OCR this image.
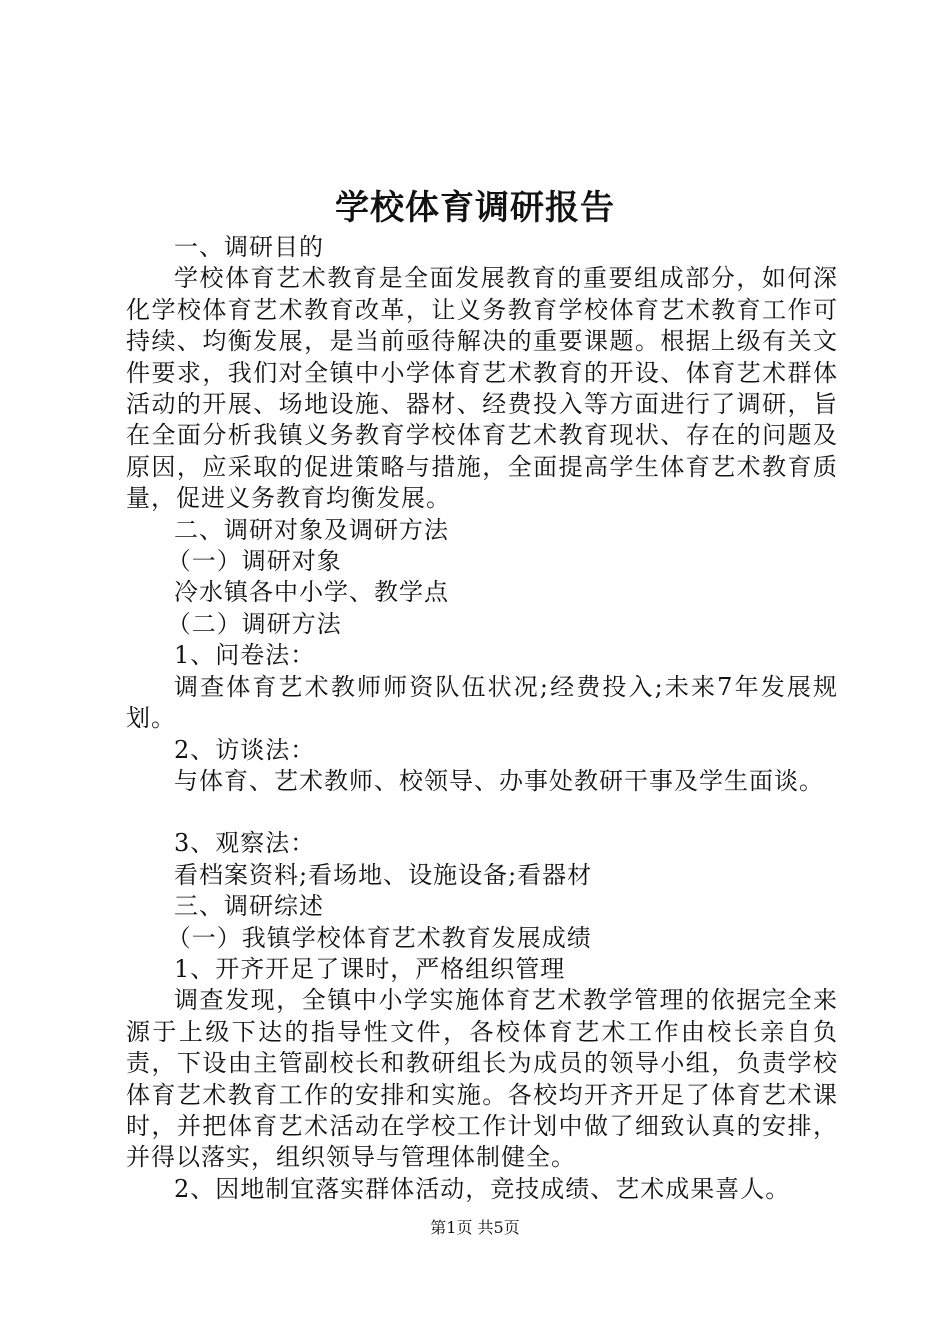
学校体育调研报告

一、调研目的

学校体育艺术教育是全面发展教育的重要组成部分，如何深化学校体育艺术教育改革，让义务教育学校体育艺术教育工作可持续、均衡发展，是当前亟待解决的重要课题。根据上级有关文件要求，我们对全镇中小学体育艺术教育的开设、体育艺术群体活动的开展、场地设施、器材、经费投入等方面进行了调研，旨在全面分析我镇义务教育学校体育艺术教育现状、存在的问题及原因，应采取的促进策略与措施，全面提高学生体育艺术教育质量，促进义务教育均衡发展。

二、调研对象及调研方法

（一）调研对象

冷水镇各中小学、教学点

（二）调研方法

1、问卷法：

调查体育艺术教师师资队伍状况;经费投入;未来7年发展规划。

2、访谈法：

与体育、艺术教师、校领导、办事处教研干事及学生面谈。

3、观察法：

看档案资料;看场地、设施设备;看器材

三、调研综述

（一）我镇学校体育艺术教育发展成绩

1、开齐开足了课时，严格组织管理

调查发现，全镇中小学实施体育艺术教学管理的依据完全来源于上级下达的指导性文件，各校体育艺术工作由校长亲自负责，下设由主管副校长和教研组长为成员的领导小组，负责学校体育艺术教育工作的安排和实施。各校均开齐开足了体育艺术课时，并把体育艺术活动在学校工作计划中做了细致认真的安排，并得以落实，组织领导与管理体制健全。

2、因地制宜落实群体活动，竞技成绩、艺术成果喜人。

第1页 共5页
